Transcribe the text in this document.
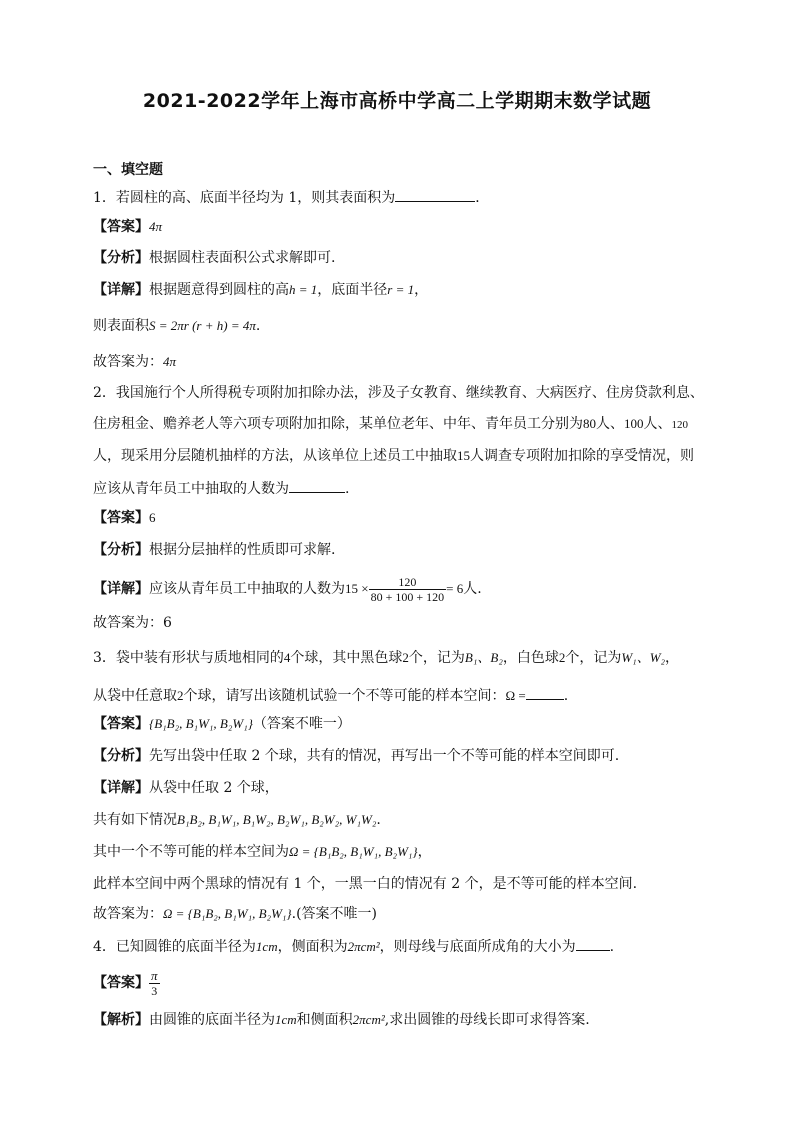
2021-2022学年上海市高桥中学高二上学期期末数学试题
一、填空题
1．若圆柱的高、底面半径均为 1，则其表面积为	．
【答案】4π
【分析】根据圆柱表面积公式求解即可.
【详解】根据题意得到圆柱的高h = 1，底面半径r = 1，
则表面积S = 2πr (r + h) = 4π.
故答案为：4π
2．我国施行个人所得税专项附加扣除办法，涉及子女教育、继续教育、大病医疗、住房贷款利息、
住房租金、赡养老人等六项专项附加扣除，某单位老年、中年、青年员工分别为80人、100人、120
人，现采用分层随机抽样的方法，从该单位上述员工中抽取15人调查专项附加扣除的享受情况，则
应该从青年员工中抽取的人数为	.
【答案】6
【分析】根据分层抽样的性质即可求解.
【详解】应该从青年员工中抽取的人数为$15 \times \frac{120}{80 + 100 + 120} = 6$人.
故答案为：6
3．袋中装有形状与质地相同的4个球，其中黑色球2个，记为B₁、B₂，白色球2个，记为W₁、W₂，
从袋中任意取2个球，请写出该随机试验一个不等可能的样本空间：Ω =	.
【答案】{B₁B₂, B₁W₁, B₂W₁}（答案不唯一）
【分析】先写出袋中任取 2 个球，共有的情况，再写出一个不等可能的样本空间即可.
【详解】从袋中任取 2 个球，
共有如下情况B₁B₂, B₁W₁, B₁W₂, B₂W₁, B₂W₂, W₁W₂.
其中一个不等可能的样本空间为Ω = {B₁B₂, B₁W₁, B₂W₁}，
此样本空间中两个黑球的情况有 1 个，一黑一白的情况有 2 个，是不等可能的样本空间.
故答案为：Ω = {B₁B₂, B₁W₁, B₂W₁}.(答案不唯一)
4．已知圆锥的底面半径为1cm，侧面积为2πcm²，则母线与底面所成角的大小为 .
【答案】 $\frac{\pi}{3}$
【解析】由圆锥的底面半径为1cm和侧面积2πcm²,求出圆锥的母线长即可求得答案.
